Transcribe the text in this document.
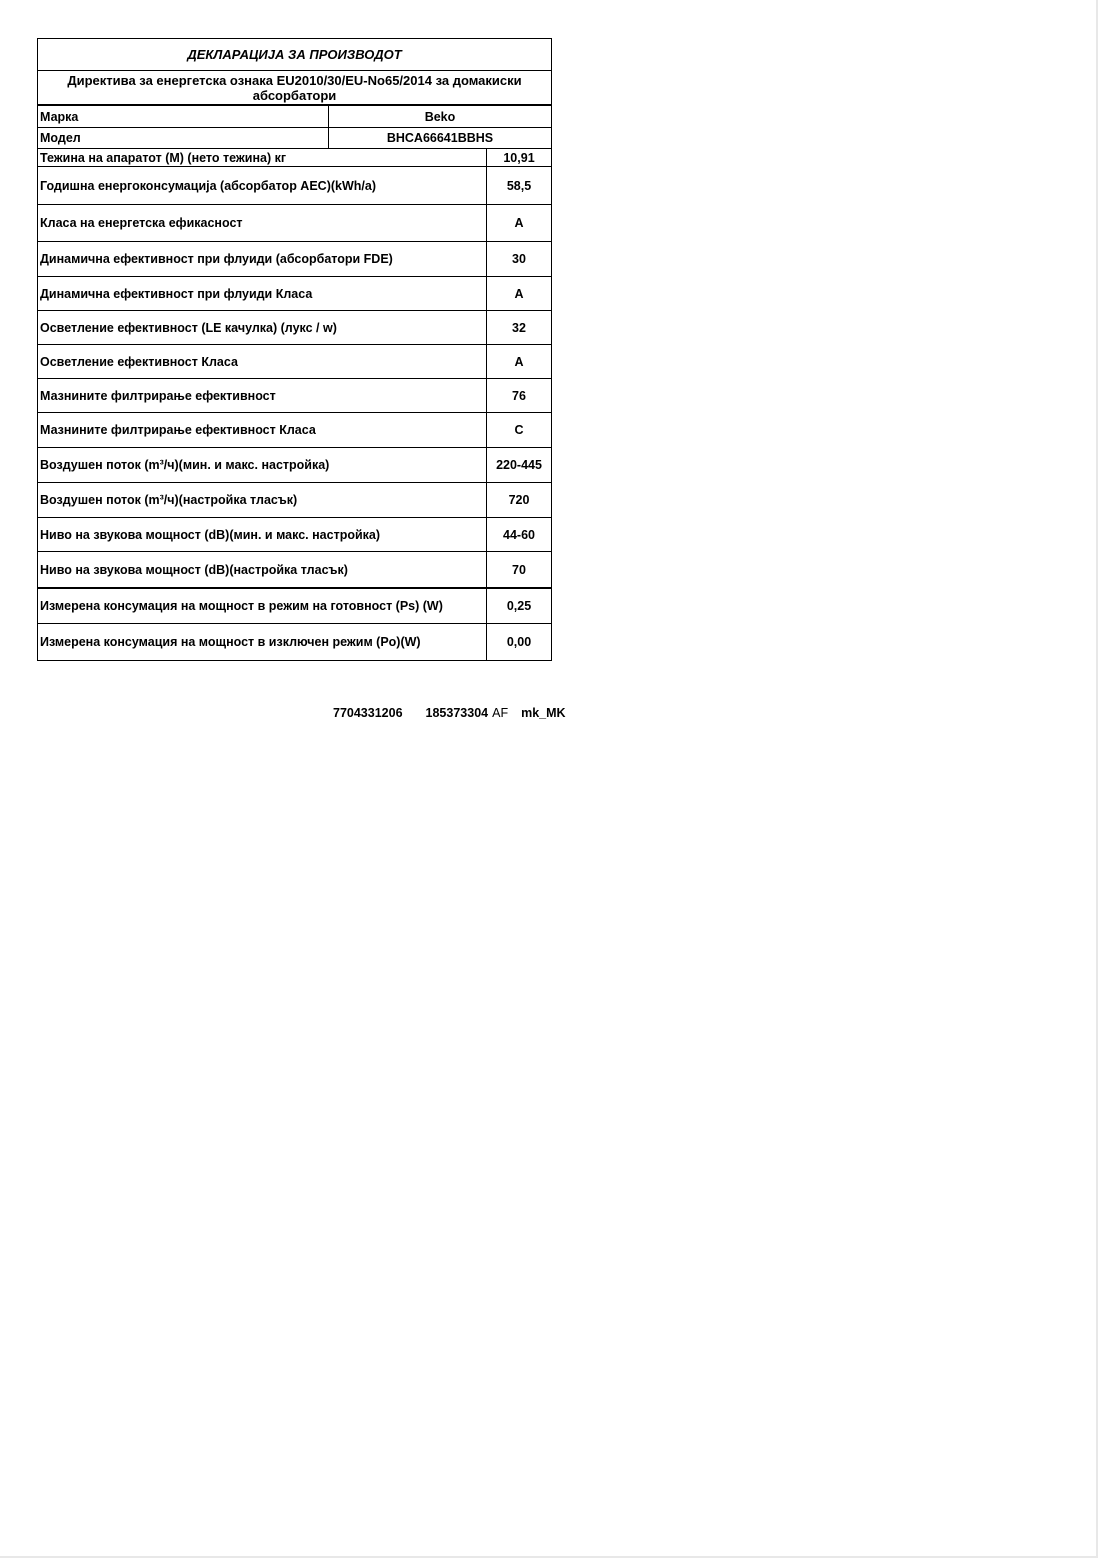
ДЕКЛАРАЦИЈА ЗА ПРОИЗВОДОТ
Директива за енергетска ознака EU2010/30/EU-No65/2014 за домакиски абсорбатори
Марка	Beko
Модел	BHCA66641BBHS
Тежина на апаратот (M) (нето тежина) кг	10,91
Годишна енергоконсумација (абсорбатор AEC)(kWh/a)	58,5
Класа на енергетска ефикасност	A
Динамична ефективност при флуиди (абсорбатори FDE)	30
Динамична ефективност при флуиди Класа	A
Осветление ефективност (LE качулка) (лукс / w)	32
Осветление ефективност Класа	A
Мазнините филтрирање ефективност	76
Мазнините филтрирање ефективност Класа	C
Воздушен поток (m³/ч)(мин. и макс. настройка)	220-445
Воздушен поток (m³/ч)(настройка тласък)	720
Ниво на звукова мощност (dB)(мин. и макс. настройка)	44-60
Ниво на звукова мощност (dB)(настройка тласък)	70
Измерена консумация на мощност в режим на готовност (Ps) (W)	0,25
Измерена консумация на мощност в изключен режим (Po)(W)	0,00
7704331206 185373304 AF mk_MK
